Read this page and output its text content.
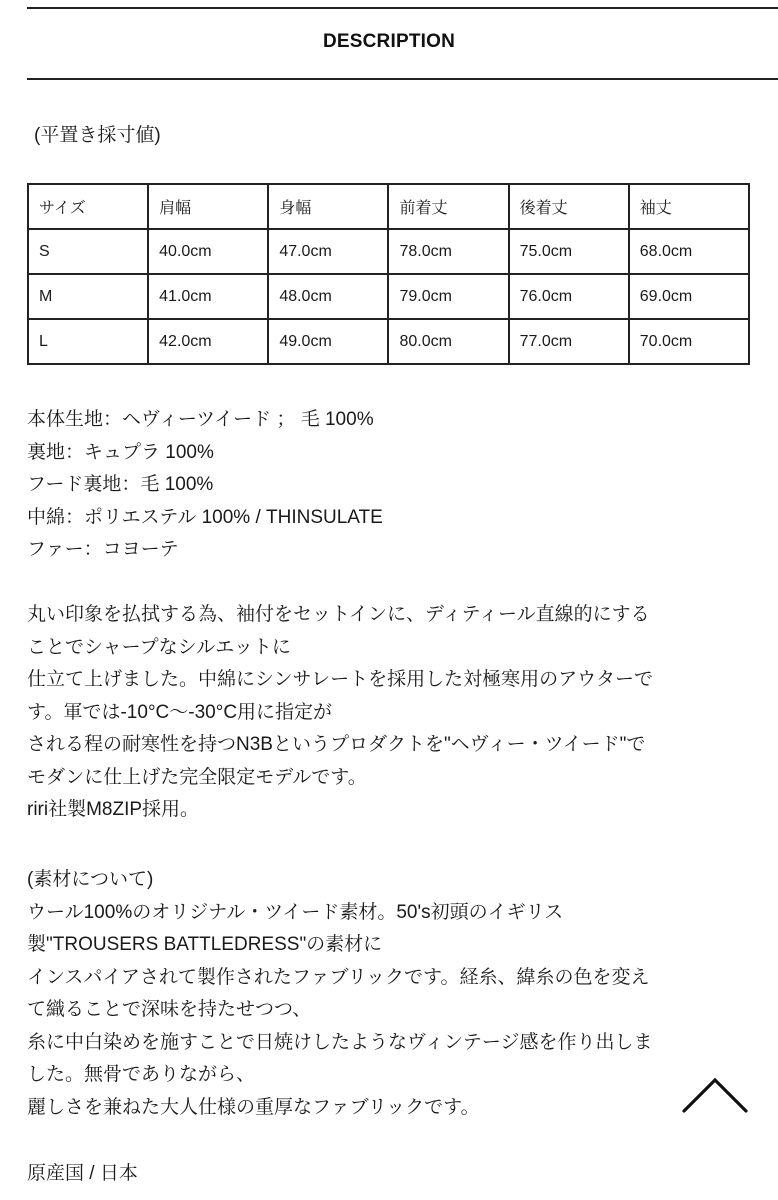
DESCRIPTION
(平置き採寸値)
サイズ	肩幅	身幅	前着丈	後着丈	袖丈
S	40.0cm	47.0cm	78.0cm	75.0cm	68.0cm
M	41.0cm	48.0cm	79.0cm	76.0cm	69.0cm
L	42.0cm	49.0cm	80.0cm	77.0cm	70.0cm
本体生地：ヘヴィーツイード ； 毛 100%
裏地：キュプラ 100%
フード裏地：毛 100%
中綿：ポリエステル 100% / THINSULATE
ファー：コヨーテ
丸い印象を払拭する為、袖付をセットインに、ディティール直線的にする
ことでシャープなシルエットに
仕立て上げました。中綿にシンサレートを採用した対極寒用のアウターで
す。軍では-10°C〜-30°C用に指定が
される程の耐寒性を持つN3Bというプロダクトを"ヘヴィー・ツイード"で
モダンに仕上げた完全限定モデルです。
riri社製M8ZIP採用。
(素材について)
ウール100%のオリジナル・ツイード素材。50's初頭のイギリス
製"TROUSERS BATTLEDRESS"の素材に
インスパイアされて製作されたファブリックです。経糸、緯糸の色を変え
て織ることで深味を持たせつつ、
糸に中白染めを施すことで日焼けしたようなヴィンテージ感を作り出しま
した。無骨でありながら、
麗しさを兼ねた大人仕様の重厚なファブリックです。
原産国 / 日本
